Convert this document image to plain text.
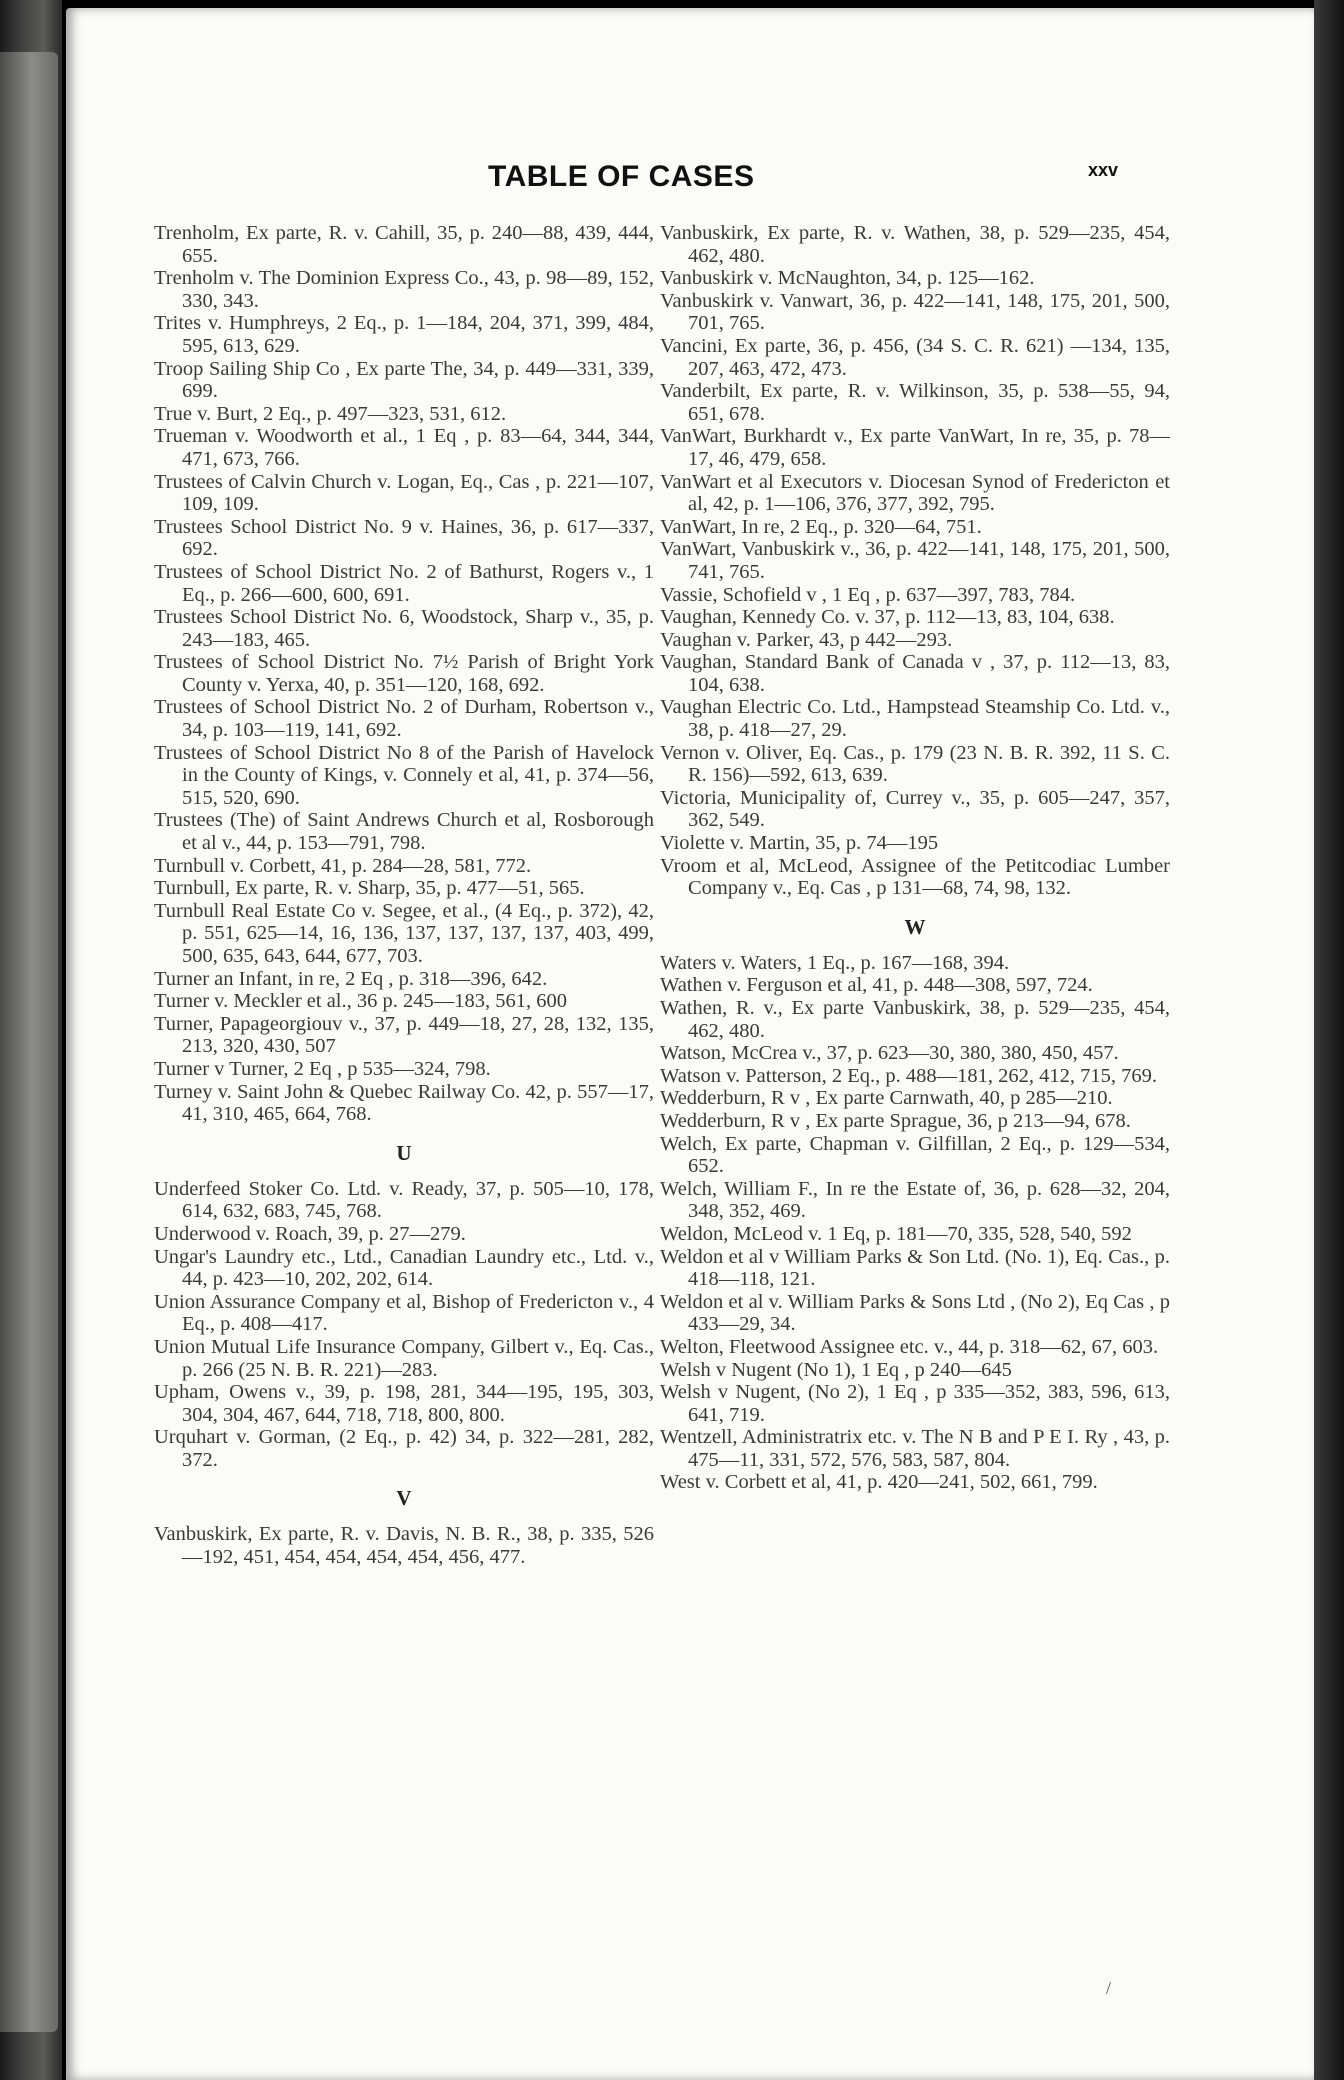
TABLE OF CASES	xxv
Trenholm, Ex parte, R. v. Cahill, 35, p. 240—88, 439, 444, 655.
Trenholm v. The Dominion Express Co., 43, p. 98—89, 152, 330, 343.
Trites v. Humphreys, 2 Eq., p. 1—184, 204, 371, 399, 484, 595, 613, 629.
Troop Sailing Ship Co , Ex parte The, 34, p. 449—331, 339, 699.
True v. Burt, 2 Eq., p. 497—323, 531, 612.
Trueman v. Woodworth et al., 1 Eq , p. 83—64, 344, 344, 471, 673, 766.
Trustees of Calvin Church v. Logan, Eq., Cas , p. 221—107, 109, 109.
Trustees School District No. 9 v. Haines, 36, p. 617—337, 692.
Trustees of School District No. 2 of Bathurst, Rogers v., 1 Eq., p. 266—600, 600, 691.
Trustees School District No. 6, Woodstock, Sharp v., 35, p. 243—183, 465.
Trustees of School District No. 7½ Parish of Bright York County v. Yerxa, 40, p. 351—120, 168, 692.
Trustees of School District No. 2 of Durham, Robertson v., 34, p. 103—119, 141, 692.
Trustees of School District No 8 of the Parish of Havelock in the County of Kings, v. Connely et al, 41, p. 374—56, 515, 520, 690.
Trustees (The) of Saint Andrews Church et al, Rosborough et al v., 44, p. 153—791, 798.
Turnbull v. Corbett, 41, p. 284—28, 581, 772.
Turnbull, Ex parte, R. v. Sharp, 35, p. 477—51, 565.
Turnbull Real Estate Co v. Segee, et al., (4 Eq., p. 372), 42, p. 551, 625—14, 16, 136, 137, 137, 137, 137, 403, 499, 500, 635, 643, 644, 677, 703.
Turner an Infant, in re, 2 Eq , p. 318—396, 642.
Turner v. Meckler et al., 36 p. 245—183, 561, 600
Turner, Papageorgiouv v., 37, p. 449—18, 27, 28, 132, 135, 213, 320, 430, 507
Turner v Turner, 2 Eq , p 535—324, 798.
Turney v. Saint John & Quebec Railway Co. 42, p. 557—17, 41, 310, 465, 664, 768.
U
Underfeed Stoker Co. Ltd. v. Ready, 37, p. 505—10, 178, 614, 632, 683, 745, 768.
Underwood v. Roach, 39, p. 27—279.
Ungar's Laundry etc., Ltd., Canadian Laundry etc., Ltd. v., 44, p. 423—10, 202, 202, 614.
Union Assurance Company et al, Bishop of Fredericton v., 4 Eq., p. 408—417.
Union Mutual Life Insurance Company, Gilbert v., Eq. Cas., p. 266 (25 N. B. R. 221)—283.
Upham, Owens v., 39, p. 198, 281, 344—195, 195, 303, 304, 304, 467, 644, 718, 718, 800, 800.
Urquhart v. Gorman, (2 Eq., p. 42) 34, p. 322—281, 282, 372.
V
Vanbuskirk, Ex parte, R. v. Davis, N. B. R., 38, p. 335, 526—192, 451, 454, 454, 454, 454, 456, 477.
Vanbuskirk, Ex parte, R. v. Wathen, 38, p. 529—235, 454, 462, 480.
Vanbuskirk v. McNaughton, 34, p. 125—162.
Vanbuskirk v. Vanwart, 36, p. 422—141, 148, 175, 201, 500, 701, 765.
Vancini, Ex parte, 36, p. 456, (34 S. C. R. 621) —134, 135, 207, 463, 472, 473.
Vanderbilt, Ex parte, R. v. Wilkinson, 35, p. 538—55, 94, 651, 678.
VanWart, Burkhardt v., Ex parte VanWart, In re, 35, p. 78—17, 46, 479, 658.
VanWart et al Executors v. Diocesan Synod of Fredericton et al, 42, p. 1—106, 376, 377, 392, 795.
VanWart, In re, 2 Eq., p. 320—64, 751.
VanWart, Vanbuskirk v., 36, p. 422—141, 148, 175, 201, 500, 741, 765.
Vassie, Schofield v , 1 Eq , p. 637—397, 783, 784.
Vaughan, Kennedy Co. v. 37, p. 112—13, 83, 104, 638.
Vaughan v. Parker, 43, p 442—293.
Vaughan, Standard Bank of Canada v , 37, p. 112—13, 83, 104, 638.
Vaughan Electric Co. Ltd., Hampstead Steamship Co. Ltd. v., 38, p. 418—27, 29.
Vernon v. Oliver, Eq. Cas., p. 179 (23 N. B. R. 392, 11 S. C. R. 156)—592, 613, 639.
Victoria, Municipality of, Currey v., 35, p. 605—247, 357, 362, 549.
Violette v. Martin, 35, p. 74—195
Vroom et al, McLeod, Assignee of the Petitcodiac Lumber Company v., Eq. Cas , p 131—68, 74, 98, 132.
W
Waters v. Waters, 1 Eq., p. 167—168, 394.
Wathen v. Ferguson et al, 41, p. 448—308, 597, 724.
Wathen, R. v., Ex parte Vanbuskirk, 38, p. 529—235, 454, 462, 480.
Watson, McCrea v., 37, p. 623—30, 380, 380, 450, 457.
Watson v. Patterson, 2 Eq., p. 488—181, 262, 412, 715, 769.
Wedderburn, R v , Ex parte Carnwath, 40, p 285—210.
Wedderburn, R v , Ex parte Sprague, 36, p 213—94, 678.
Welch, Ex parte, Chapman v. Gilfillan, 2 Eq., p. 129—534, 652.
Welch, William F., In re the Estate of, 36, p. 628—32, 204, 348, 352, 469.
Weldon, McLeod v. 1 Eq, p. 181—70, 335, 528, 540, 592
Weldon et al v William Parks & Son Ltd. (No. 1), Eq. Cas., p. 418—118, 121.
Weldon et al v. William Parks & Sons Ltd , (No 2), Eq Cas , p 433—29, 34.
Welton, Fleetwood Assignee etc. v., 44, p. 318—62, 67, 603.
Welsh v Nugent (No 1), 1 Eq , p 240—645
Welsh v Nugent, (No 2), 1 Eq , p 335—352, 383, 596, 613, 641, 719.
Wentzell, Administratrix etc. v. The N B and P E I. Ry , 43, p. 475—11, 331, 572, 576, 583, 587, 804.
West v. Corbett et al, 41, p. 420—241, 502, 661, 799.
/
